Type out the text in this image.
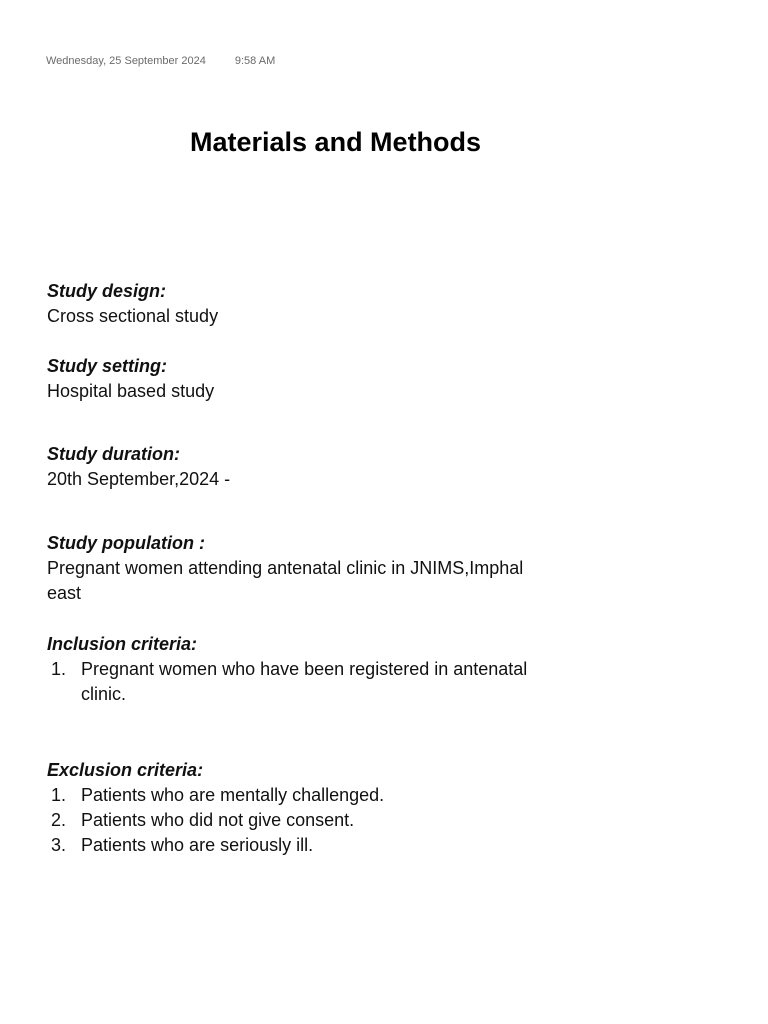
Wednesday, 25 September 2024	9:58 AM
Materials and Methods
Study design:
Cross sectional study
Study setting:
Hospital based study
Study duration:
20th September,2024 -
Study population :
Pregnant women attending antenatal clinic in JNIMS,Imphal east
Inclusion criteria:
1. Pregnant women who have been registered in antenatal clinic.
Exclusion criteria:
1. Patients who are mentally challenged.
2. Patients who did not give consent.
3. Patients who are seriously ill.
